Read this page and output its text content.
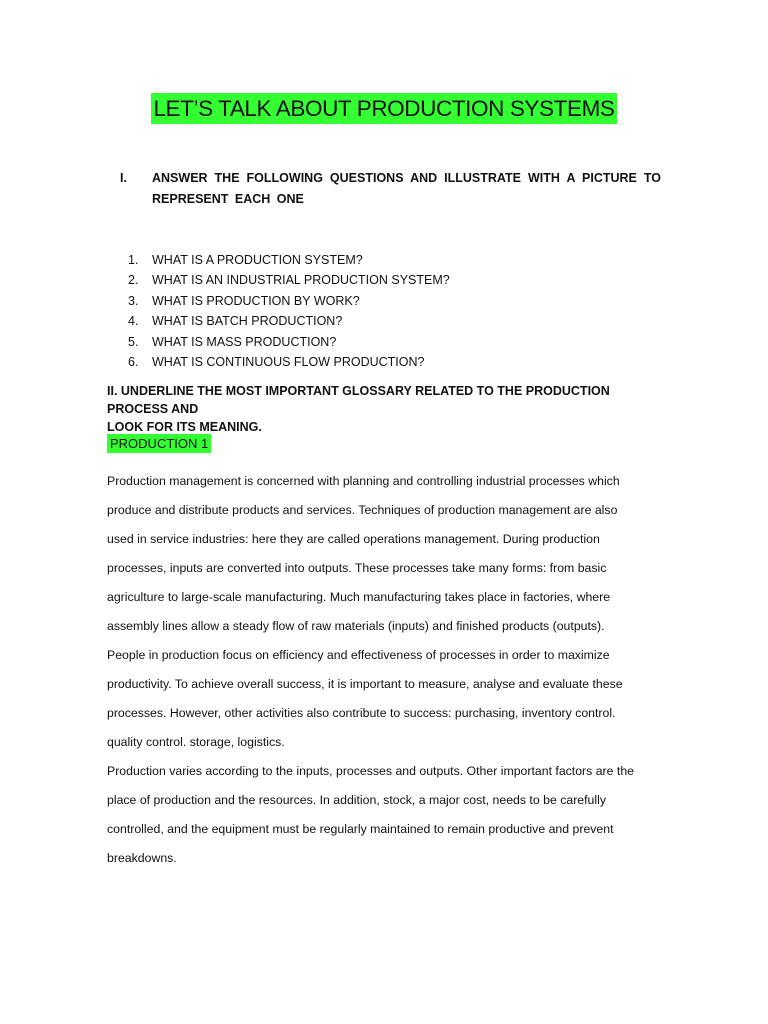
LET’S TALK ABOUT PRODUCTION SYSTEMS
I. ANSWER THE FOLLOWING QUESTIONS AND ILLUSTRATE WITH A PICTURE TO REPRESENT EACH ONE
1. WHAT IS A PRODUCTION SYSTEM?
2. WHAT IS AN INDUSTRIAL PRODUCTION SYSTEM?
3. WHAT IS PRODUCTION BY WORK?
4. WHAT IS BATCH PRODUCTION?
5. WHAT IS MASS PRODUCTION?
6. WHAT IS CONTINUOUS FLOW PRODUCTION?
II. UNDERLINE THE MOST IMPORTANT GLOSSARY RELATED TO THE PRODUCTION PROCESS AND
LOOK FOR ITS MEANING.
PRODUCTION 1
Production management is concerned with planning and controlling industrial processes which
produce and distribute products and services. Techniques of production management are also
used in service industries: here they are called operations management. During production
processes, inputs are converted into outputs. These processes take many forms: from basic
agriculture to large-scale manufacturing. Much manufacturing takes place in factories, where
assembly lines allow a steady flow of raw materials (inputs) and finished products (outputs).
People in production focus on efficiency and effectiveness of processes in order to maximize
productivity. To achieve overall success, it is important to measure, analyse and evaluate these
processes. However, other activities also contribute to success: purchasing, inventory control.
quality control. storage, logistics.
Production varies according to the inputs, processes and outputs. Other important factors are the
place of production and the resources. In addition, stock, a major cost, needs to be carefully
controlled, and the equipment must be regularly maintained to remain productive and prevent
breakdowns.
